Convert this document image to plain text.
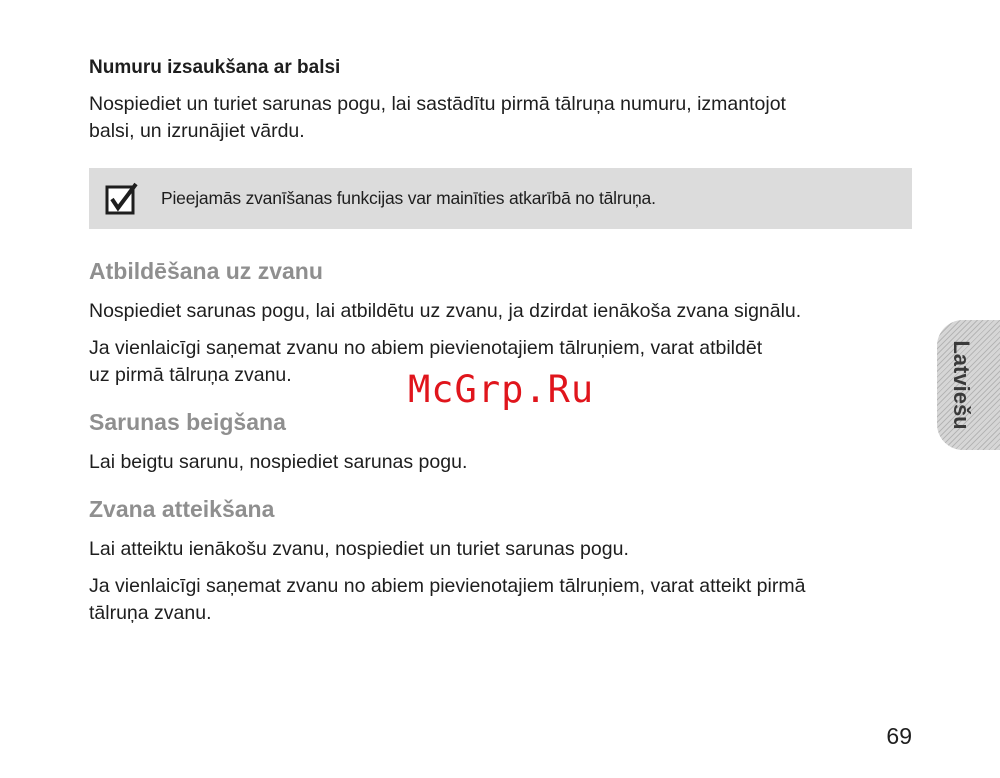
Numuru izsaukšana ar balsi

Nospiediet un turiet sarunas pogu, lai sastādītu pirmā tālruņa numuru, izmantojot
balsi, un izrunājiet vārdu.

Pieejamās zvanīšanas funkcijas var mainīties atkarībā no tālruņa.
Atbildēšana uz zvanu

Nospiediet sarunas pogu, lai atbildētu uz zvanu, ja dzirdat ienākoša zvana signālu.

Ja vienlaicīgi saņemat zvanu no abiem pievienotajiem tālruņiem, varat atbildēt
uz pirmā tālruņa zvanu.

Sarunas beigšana

Lai beigtu sarunu, nospiediet sarunas pogu.

Zvana atteikšana

Lai atteiktu ienākošu zvanu, nospiediet un turiet sarunas pogu.

Ja vienlaicīgi saņemat zvanu no abiem pievienotajiem tālruņiem, varat atteikt pirmā
tālruņa zvanu.

McGrp.Ru	Latviešu
69
